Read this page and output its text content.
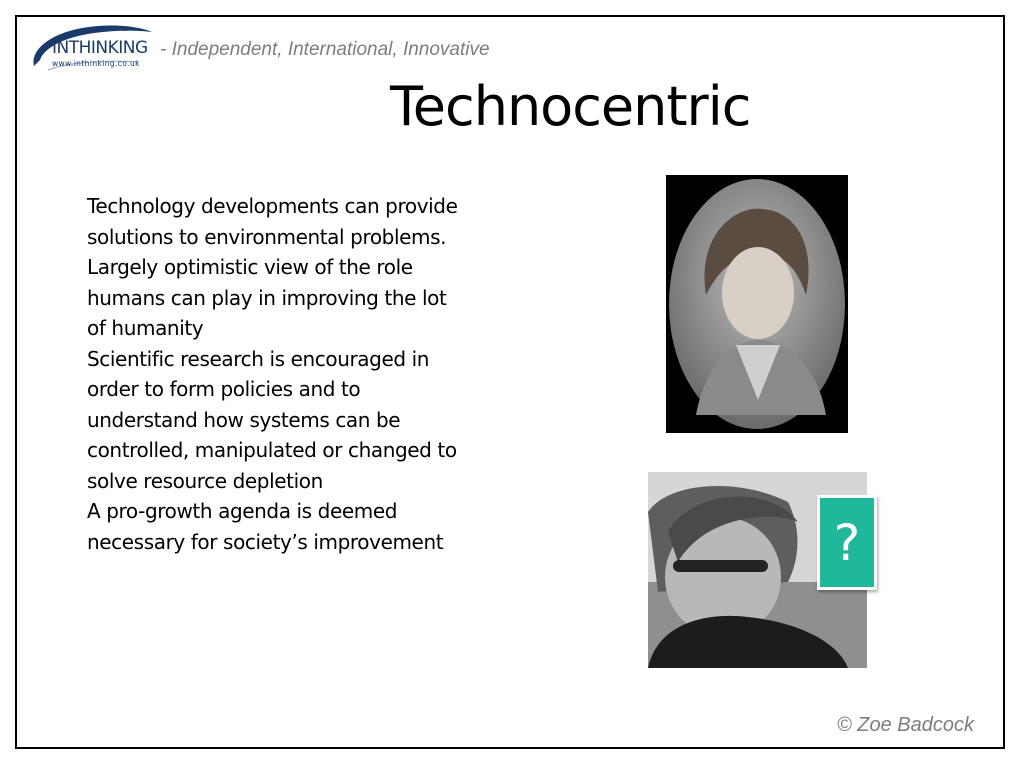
INTHINKING
www.inthinking.co.uk
- Independent, International, Innovative
Technocentric
Technology developments can provide
solutions to environmental problems.
Largely optimistic view of the role
humans can play in improving the lot
of humanity
Scientific research is encouraged in
order to form policies and to
understand how systems can be
controlled, manipulated or changed to
solve resource depletion
A pro-growth agenda is deemed
necessary for society’s improvement	?
© Zoe Badcock
